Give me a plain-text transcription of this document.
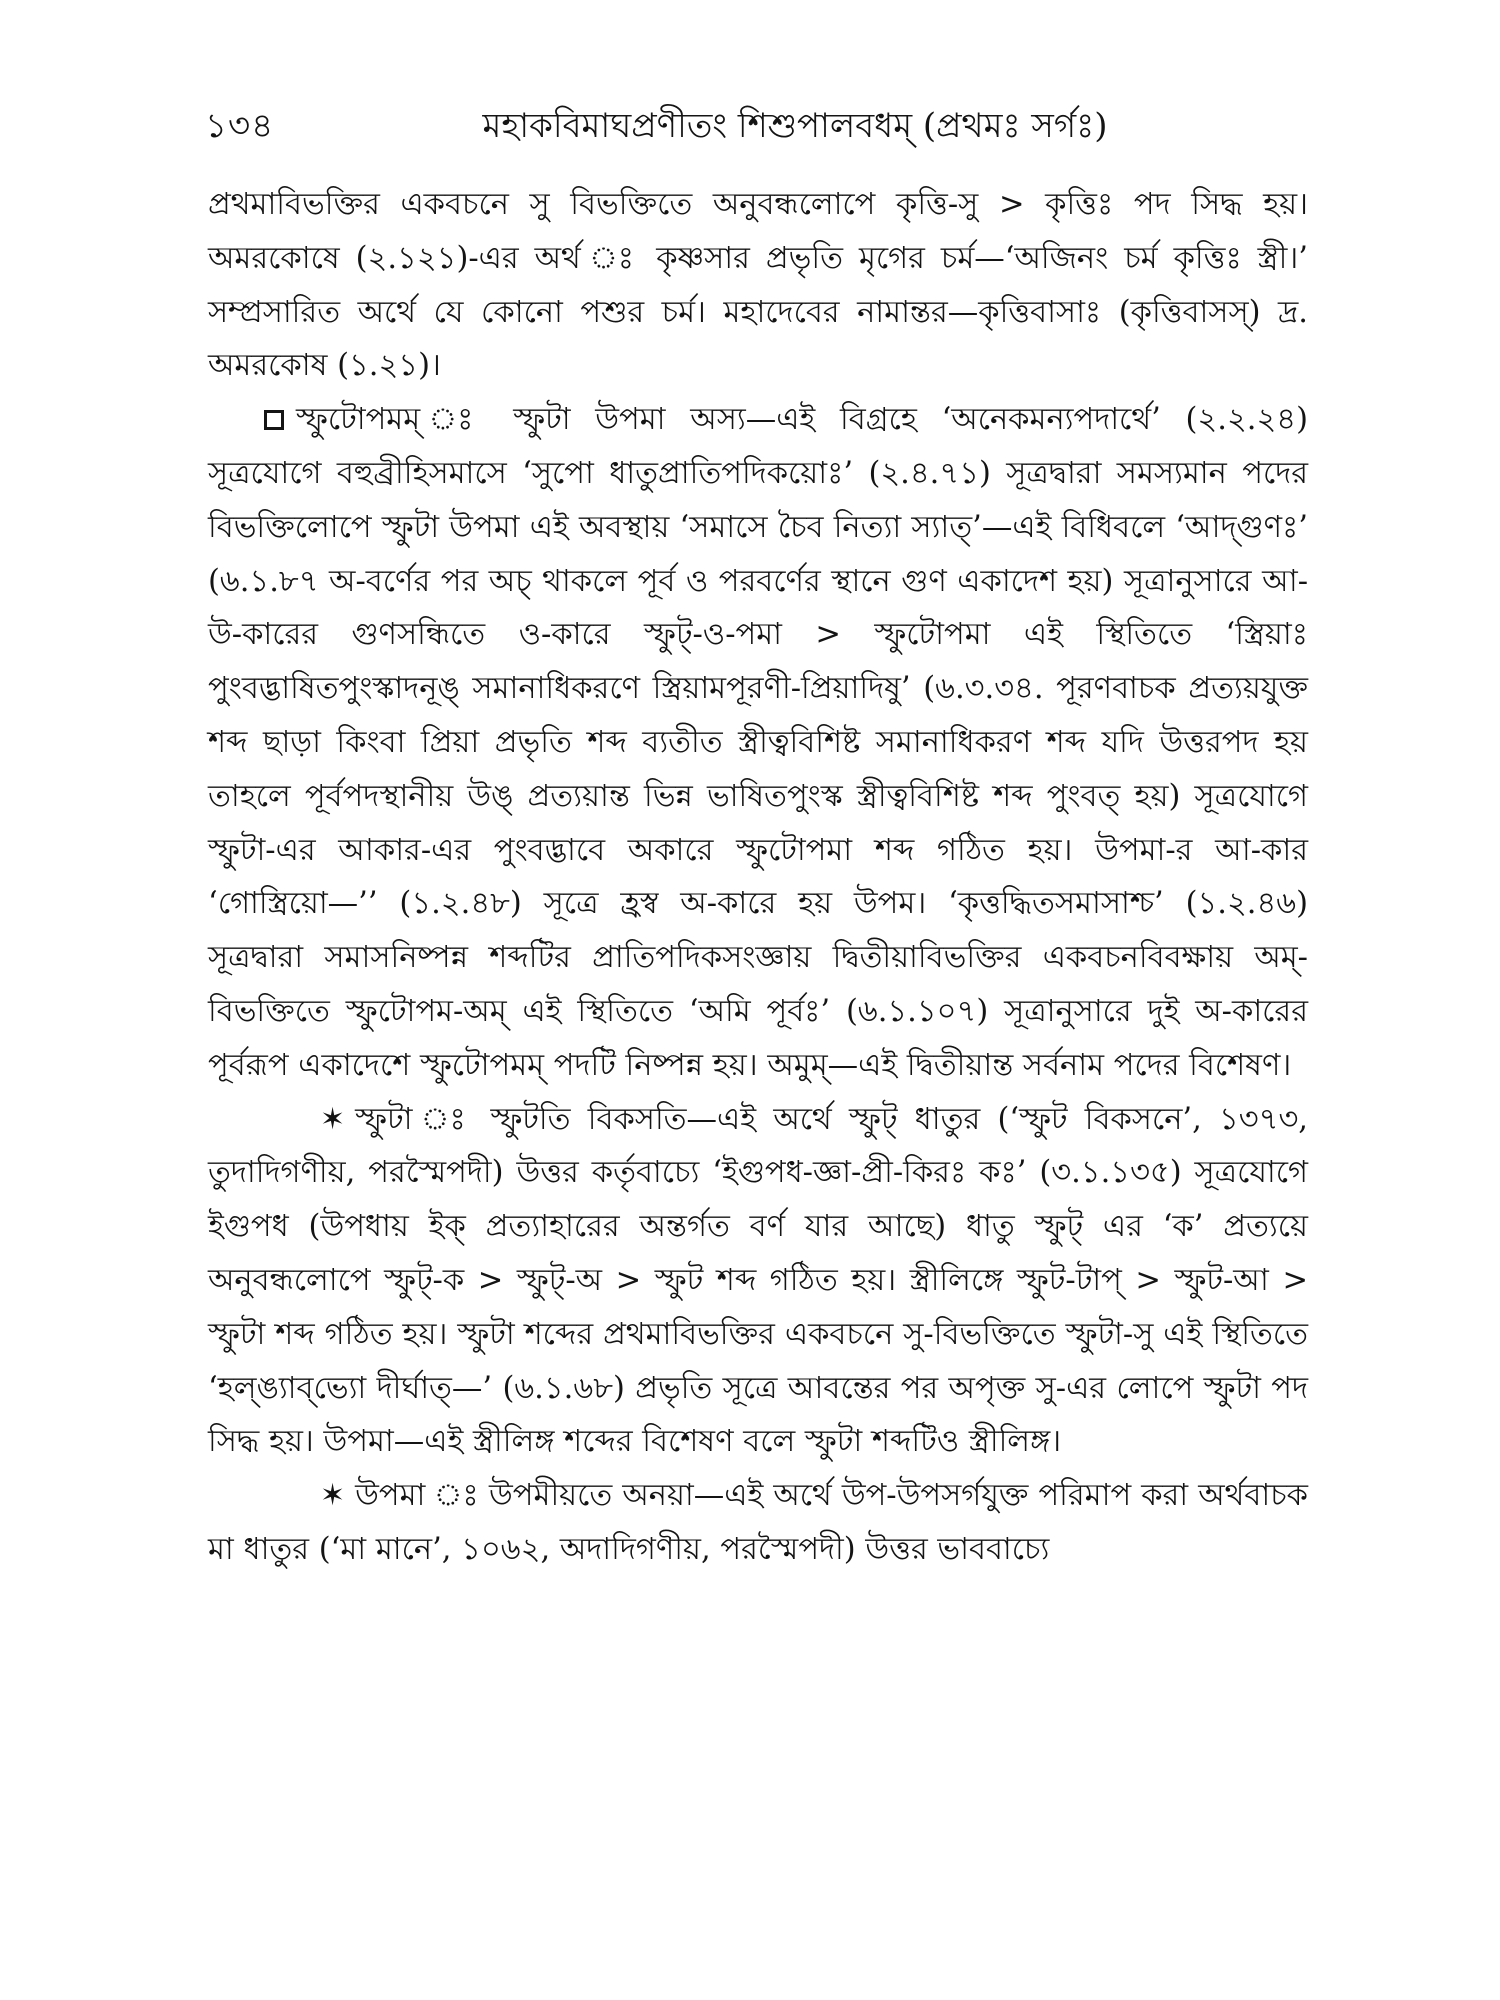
১৩৪	মহাকবিমাঘপ্রণীতং শিশুপালবধম্‌ (প্রথমঃ সর্গঃ)

প্রথমাবিভক্তির একবচনে সু বিভক্তিতে অনুবন্ধলোপে কৃত্তি-সু > কৃত্তিঃ পদ সিদ্ধ হয়। অমরকোষে (২.১২১)-এর অর্থ ঃ কৃষ্ণসার প্রভৃতি মৃগের চর্ম—‘অজিনং চর্ম কৃত্তিঃ স্ত্রী।’ সম্প্রসারিত অর্থে যে কোনো পশুর চর্ম। মহাদেবের নামান্তর—কৃত্তিবাসাঃ (কৃত্তিবাসস্‌) দ্র. অমরকোষ (১.২১)।

স্ফুটোপমম্‌ ঃ স্ফুটা উপমা অস্য—এই বিগ্রহে ‘অনেকমন্যপদার্থে’ (২.২.২৪) সূত্রযোগে বহুব্রীহিসমাসে ‘সুপো ধাতুপ্রাতিপদিকয়োঃ’ (২.৪.৭১) সূত্রদ্বারা সমস্যমান পদের বিভক্তিলোপে স্ফুটা উপমা এই অবস্থায় ‘সমাসে চৈব নিত্যা স্যাত্‌’—এই বিধিবলে ‘আদ্‌গুণঃ’ (৬.১.৮৭ অ-বর্ণের পর অচ্‌ থাকলে পূর্ব ও পরবর্ণের স্থানে গুণ একাদেশ হয়) সূত্রানুসারে আ-উ-কারের গুণসন্ধিতে ও-কারে স্ফুট্‌-ও-পমা > স্ফুটোপমা এই স্থিতিতে ‘স্ত্রিয়াঃ পুংবদ্ভাষিতপুংস্কাদনূঙ্‌ সমানাধিকরণে স্ত্রিয়ামপূরণী-প্রিয়াদিষু’ (৬.৩.৩৪. পূরণবাচক প্রত্যয়যুক্ত শব্দ ছাড়া কিংবা প্রিয়া প্রভৃতি শব্দ ব্যতীত স্ত্রীত্ববিশিষ্ট সমানাধিকরণ শব্দ যদি উত্তরপদ হয় তাহলে পূর্বপদস্থানীয় উঙ্‌ প্রত্যয়ান্ত ভিন্ন ভাষিতপুংস্ক স্ত্রীত্ববিশিষ্ট শব্দ পুংবত্‌ হয়) সূত্রযোগে স্ফুটা-এর আকার-এর পুংবদ্ভাবে অকারে স্ফুটোপমা শব্দ গঠিত হয়। উপমা-র আ-কার ‘গোস্ত্রিয়ো—’’ (১.২.৪৮) সূত্রে হ্রস্ব অ-কারে হয় উপম। ‘কৃত্তদ্ধিতসমাসাশ্চ’ (১.২.৪৬) সূত্রদ্বারা সমাসনিষ্পন্ন শব্দটির প্রাতিপদিকসংজ্ঞায় দ্বিতীয়াবিভক্তির একবচনবিবক্ষায় অম্‌- বিভক্তিতে স্ফুটোপম-অম্‌ এই স্থিতিতে ‘অমি পূর্বঃ’ (৬.১.১০৭) সূত্রানুসারে দুই অ-কারের পূর্বরূপ একাদেশে স্ফুটোপমম্‌ পদটি নিষ্পন্ন হয়। অমুম্‌—এই দ্বিতীয়ান্ত সর্বনাম পদের বিশেষণ।

✶ স্ফুটা ঃ স্ফুটতি বিকসতি—এই অর্থে স্ফুট্‌ ধাতুর (‘স্ফুট বিকসনে’, ১৩৭৩, তুদাদিগণীয়, পরস্মৈপদী) উত্তর কর্তৃবাচ্যে ‘ইগুপধ-জ্ঞা-প্রী-কিরঃ কঃ’ (৩.১.১৩৫) সূত্রযোগে ইগুপধ (উপধায় ইক্‌ প্রত্যাহারের অন্তর্গত বর্ণ যার আছে) ধাতু স্ফুট্‌ এর ‘ক’ প্রত্যয়ে অনুবন্ধলোপে স্ফুট্‌-ক > স্ফুট্‌-অ > স্ফুট শব্দ গঠিত হয়। স্ত্রীলিঙ্গে স্ফুট-টাপ্‌ > স্ফুট-আ > স্ফুটা শব্দ গঠিত হয়। স্ফুটা শব্দের প্রথমাবিভক্তির একবচনে সু-বিভক্তিতে স্ফুটা-সু এই স্থিতিতে ‘হল্‌ঙ্যাব্‌ভ্যো দীর্ঘাত্‌—’ (৬.১.৬৮) প্রভৃতি সূত্রে আবন্তের পর অপৃক্ত সু-এর লোপে স্ফুটা পদ সিদ্ধ হয়। উপমা—এই স্ত্রীলিঙ্গ শব্দের বিশেষণ বলে স্ফুটা শব্দটিও স্ত্রীলিঙ্গ।

✶ উপমা ঃ উপমীয়তে অনয়া—এই অর্থে উপ-উপসর্গযুক্ত পরিমাপ করা অর্থবাচক মা ধাতুর (‘মা মানে’, ১০৬২, অদাদিগণীয়, পরস্মৈপদী) উত্তর ভাববাচ্যে
